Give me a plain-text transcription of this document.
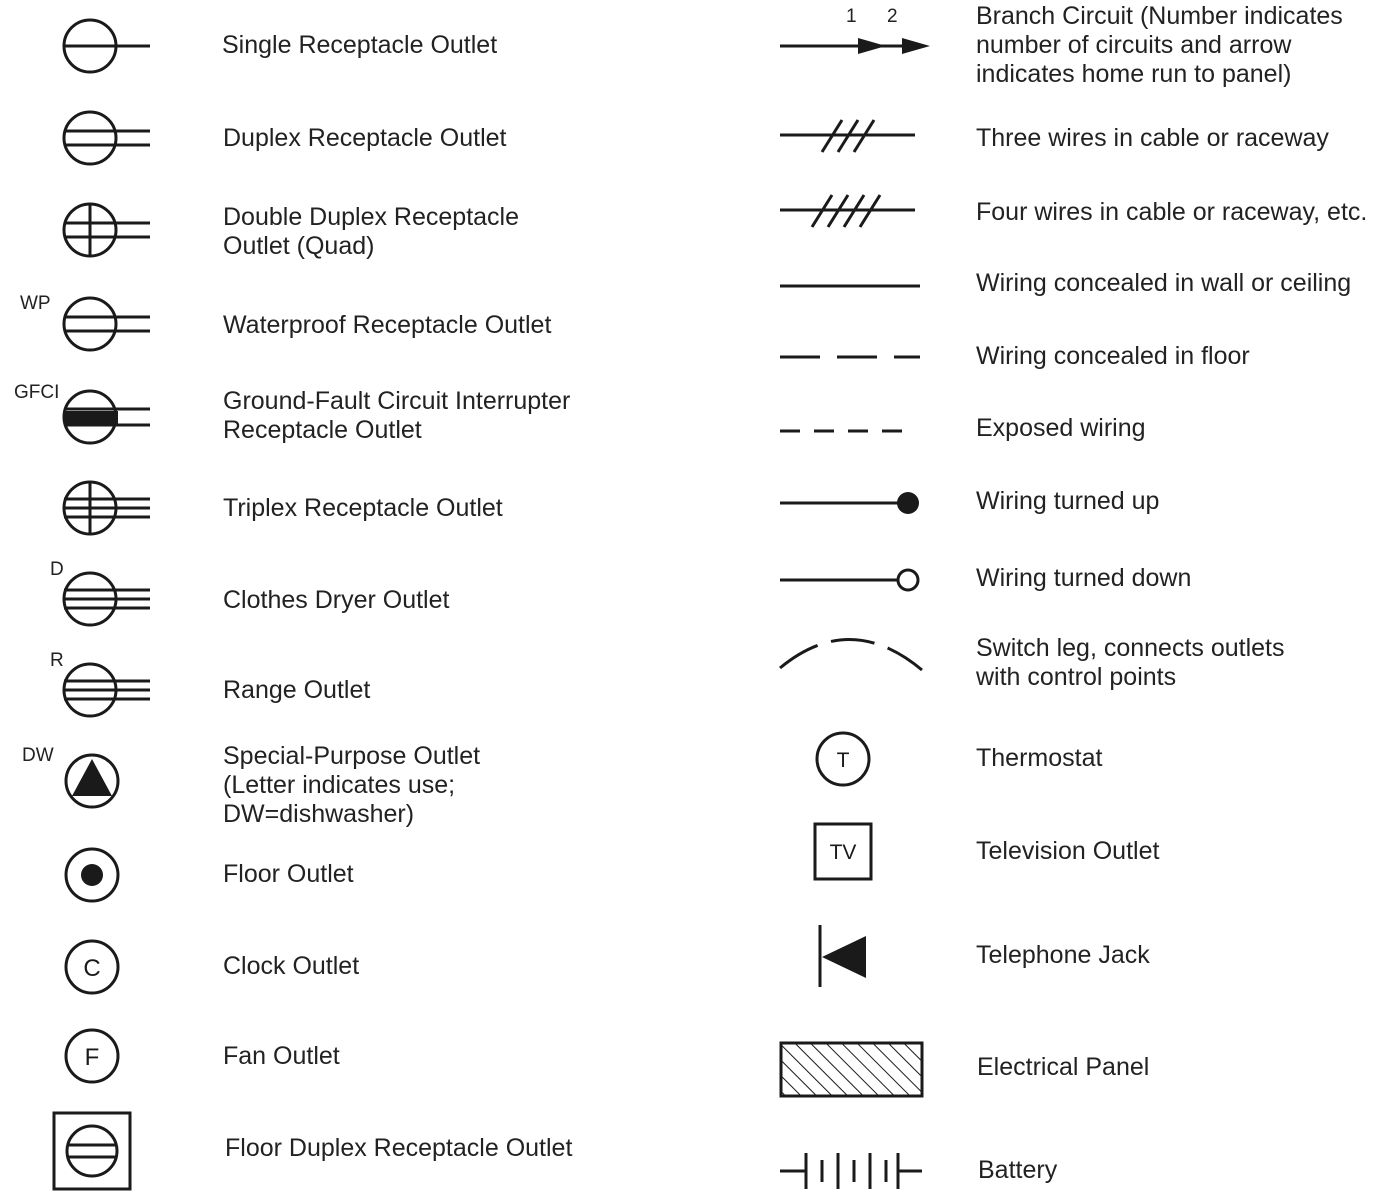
C
F
T
TV
WP
GFCI
D
R
DW
Single Receptacle Outlet
Duplex Receptacle Outlet
Double Duplex Receptacle
Outlet (Quad)
Waterproof Receptacle Outlet
Ground-Fault Circuit Interrupter
Receptacle Outlet
Triplex Receptacle Outlet
Clothes Dryer Outlet
Range Outlet
Special-Purpose Outlet
(Letter indicates use;
DW=dishwasher)
Floor Outlet
Clock Outlet
Fan Outlet
Floor Duplex Receptacle Outlet
1 2	Branch Circuit (Number indicates
number of circuits and arrow
indicates home run to panel)
Three wires in cable or raceway
Four wires in cable or raceway, etc.
Wiring concealed in wall or ceiling
Wiring concealed in floor
Exposed wiring
Wiring turned up
Wiring turned down
Switch leg, connects outlets
with control points
Thermostat
Television Outlet
Telephone Jack
Electrical Panel
Battery
